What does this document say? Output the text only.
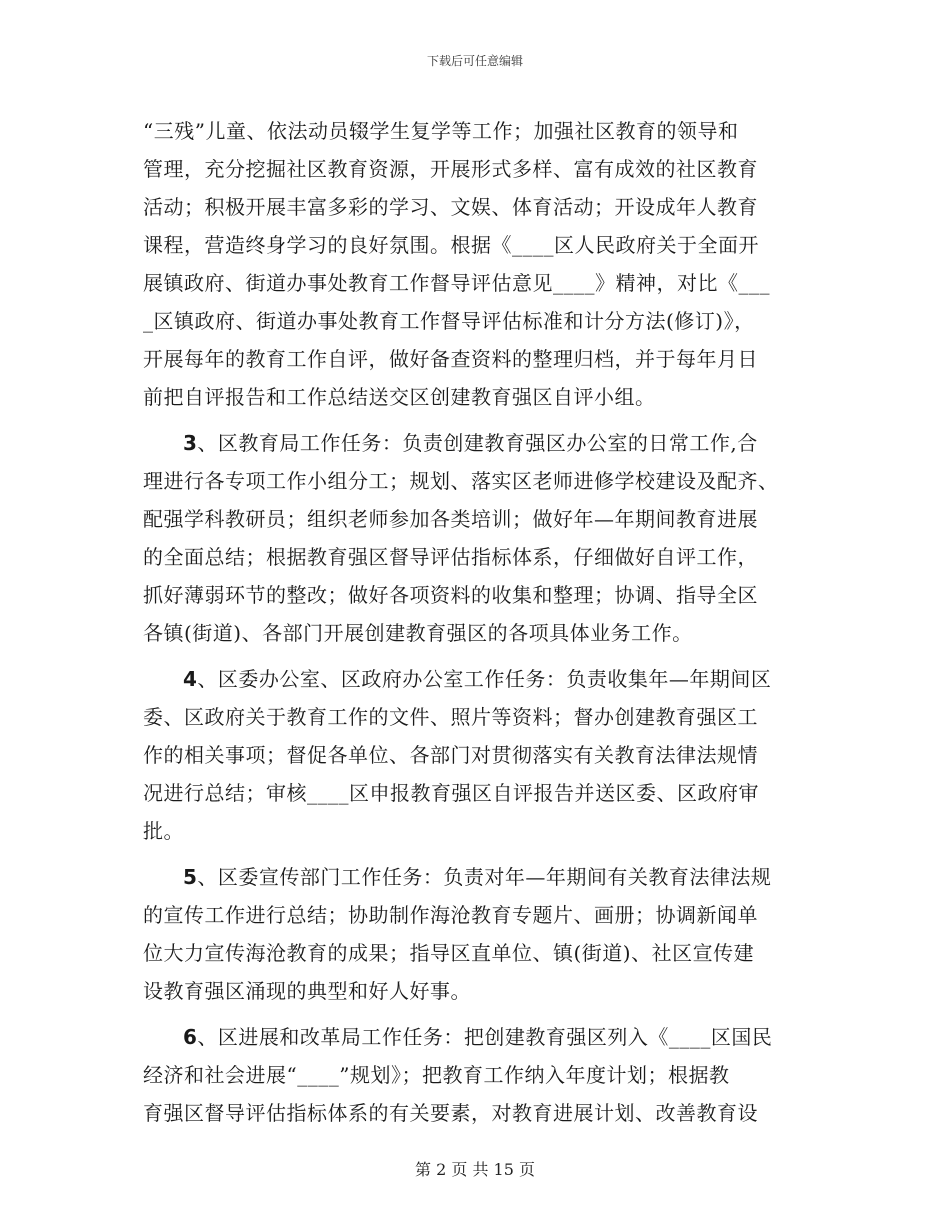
下载后可任意编辑
“三残”儿童、依法动员辍学生复学等工作；加强社区教育的领导和
管理，充分挖掘社区教育资源，开展形式多样、富有成效的社区教育
活动；积极开展丰富多彩的学习、文娱、体育活动；开设成年人教育
课程，营造终身学习的良好氛围。根据《____区人民政府关于全面开
展镇政府、街道办事处教育工作督导评估意见____》精神，对比《___
_区镇政府、街道办事处教育工作督导评估标准和计分方法(修订)》，
开展每年的教育工作自评，做好备查资料的整理归档，并于每年月日
前把自评报告和工作总结送交区创建教育强区自评小组。
3、区教育局工作任务：负责创建教育强区办公室的日常工作,合
理进行各专项工作小组分工；规划、落实区老师进修学校建设及配齐、
配强学科教研员；组织老师参加各类培训；做好年—年期间教育进展
的全面总结；根据教育强区督导评估指标体系，仔细做好自评工作，
抓好薄弱环节的整改；做好各项资料的收集和整理；协调、指导全区
各镇(街道)、各部门开展创建教育强区的各项具体业务工作。
4、区委办公室、区政府办公室工作任务：负责收集年—年期间区
委、区政府关于教育工作的文件、照片等资料；督办创建教育强区工
作的相关事项；督促各单位、各部门对贯彻落实有关教育法律法规情
况进行总结；审核____区申报教育强区自评报告并送区委、区政府审
批。
5、区委宣传部门工作任务：负责对年—年期间有关教育法律法规
的宣传工作进行总结；协助制作海沧教育专题片、画册；协调新闻单
位大力宣传海沧教育的成果；指导区直单位、镇(街道)、社区宣传建
设教育强区涌现的典型和好人好事。
6、区进展和改革局工作任务：把创建教育强区列入《____区国民
经济和社会进展“____”规划》；把教育工作纳入年度计划；根据教
育强区督导评估指标体系的有关要素，对教育进展计划、改善教育设
第 2 页 共 15 页
